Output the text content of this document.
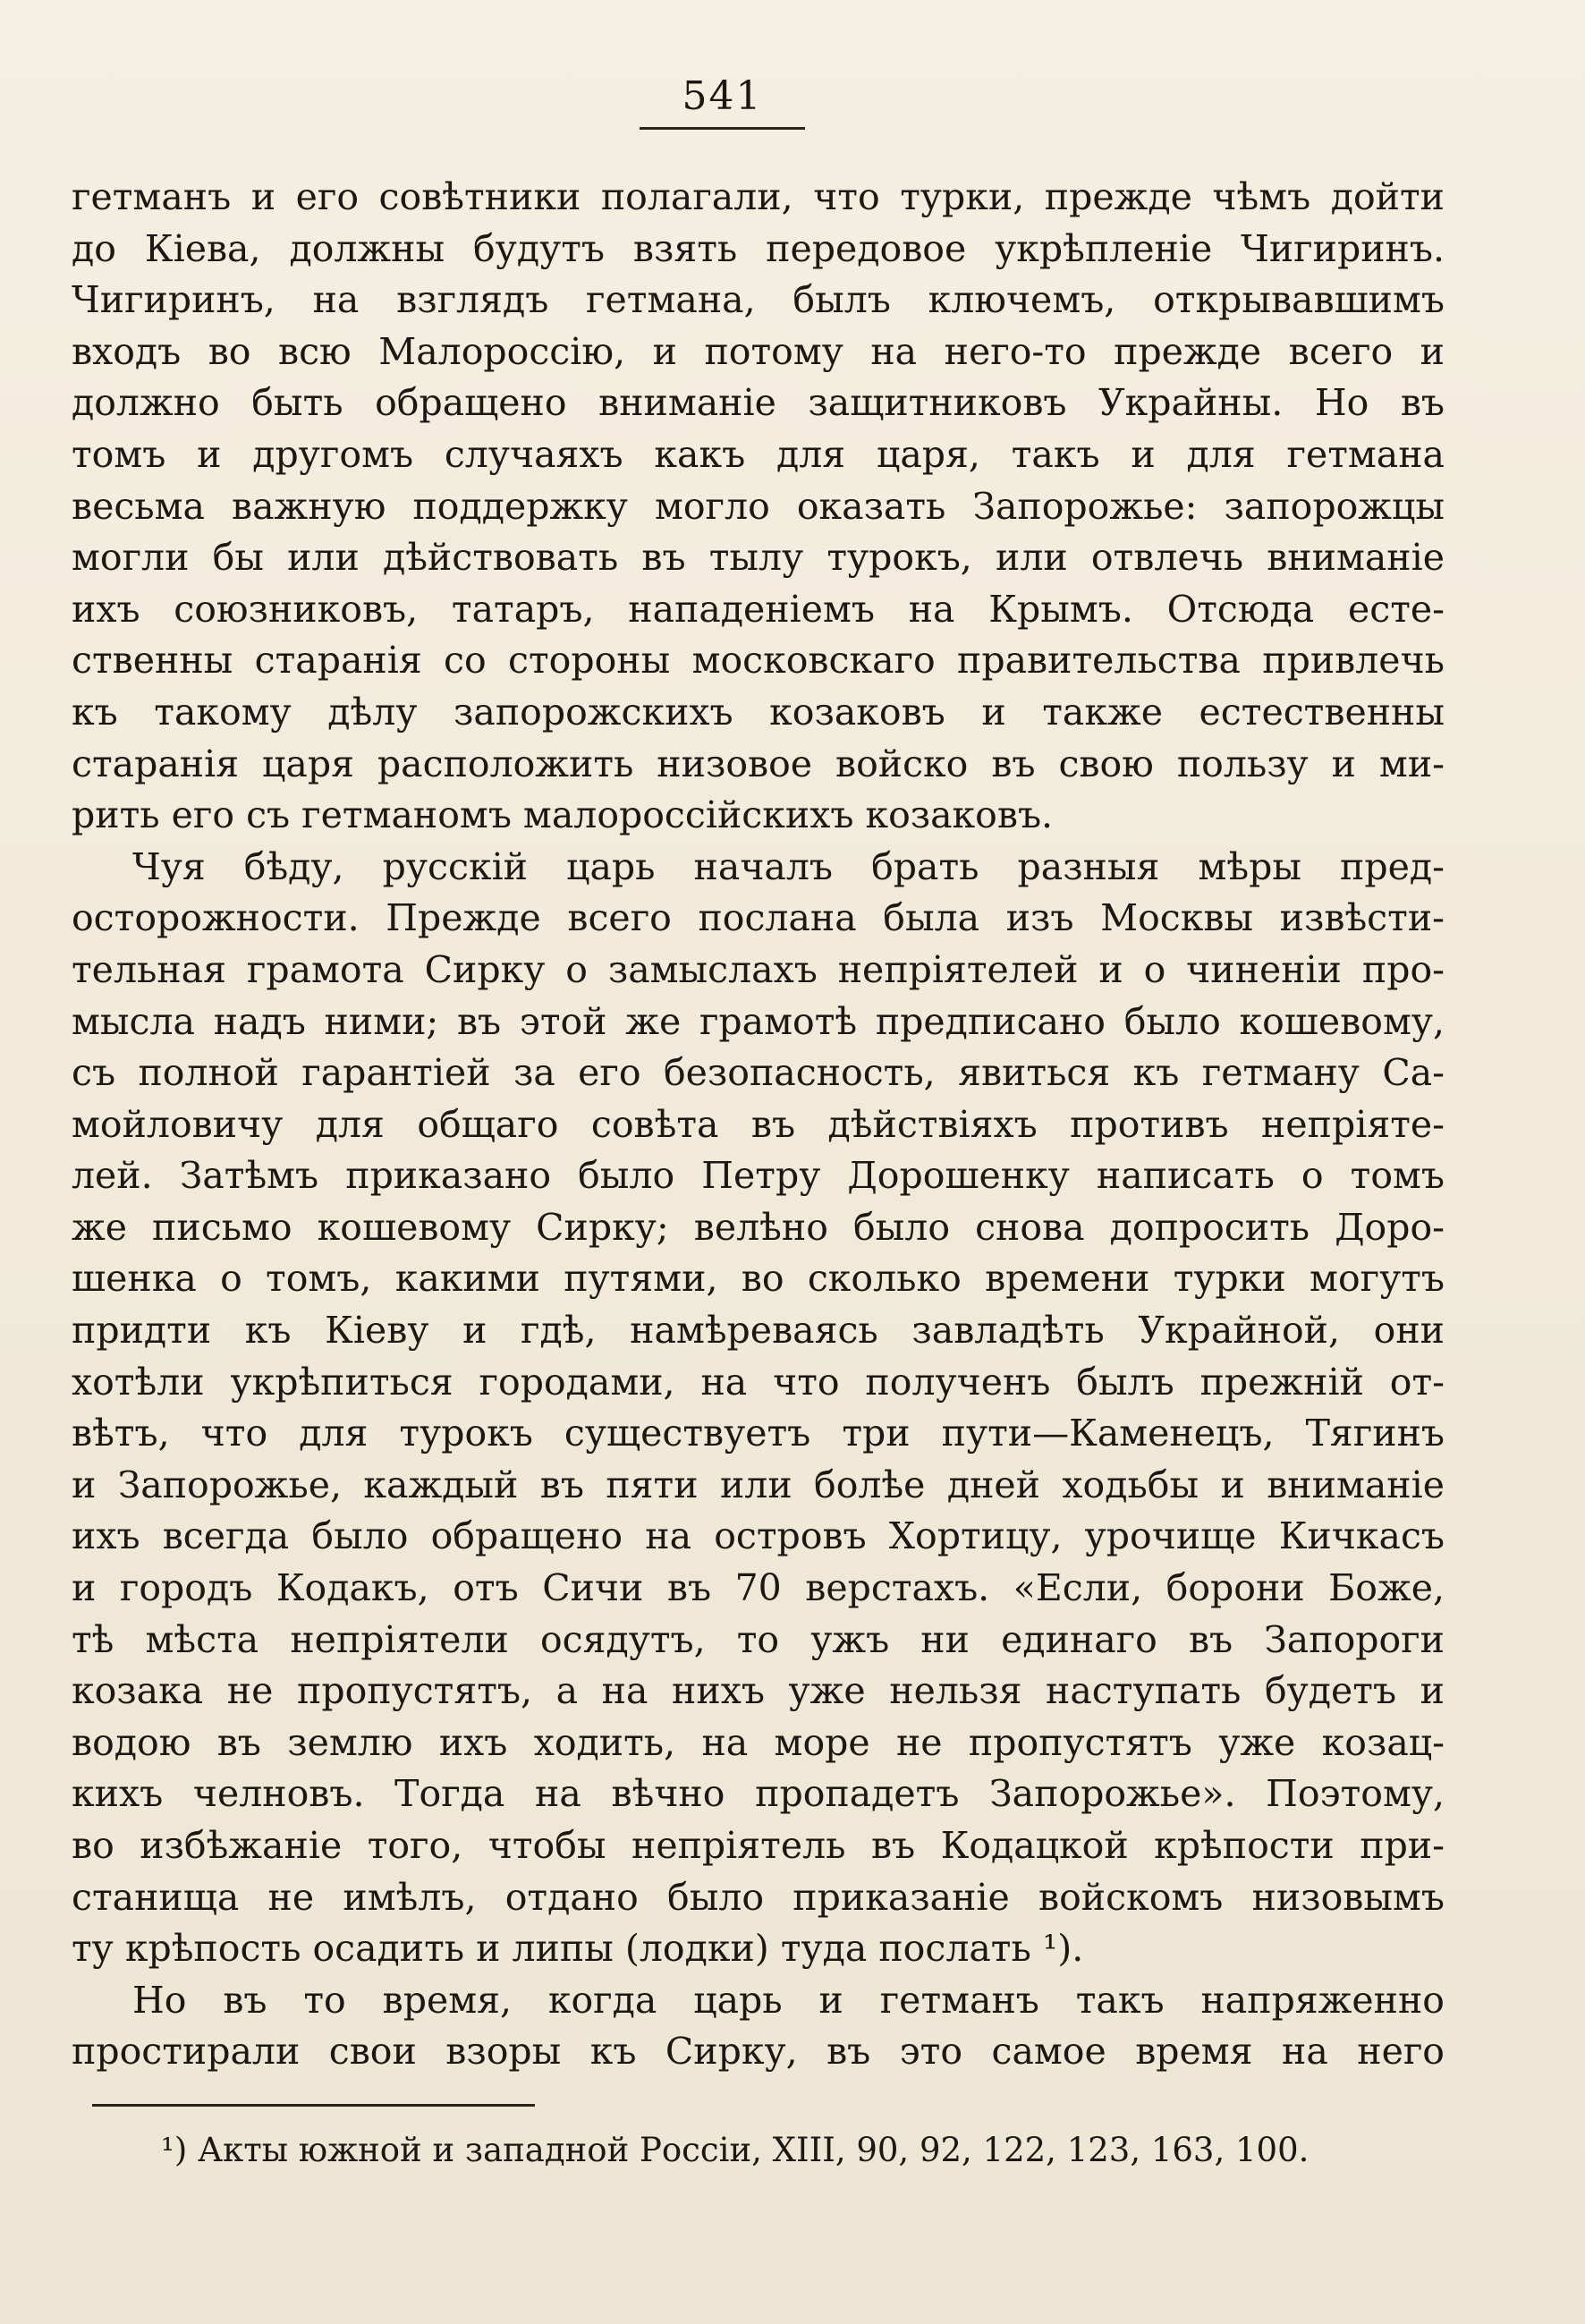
541
гетманъ и его совѣтники полагали, что турки, прежде чѣмъ дойти
до Кіева, должны будутъ взять передовое укрѣпленіе Чигиринъ.
Чигиринъ, на взглядъ гетмана, былъ ключемъ, открывавшимъ
входъ во всю Малороссію, и потому на него-то прежде всего и
должно быть обращено вниманіе защитниковъ Украйны. Но въ
томъ и другомъ случаяхъ какъ для царя, такъ и для гетмана
весьма важную поддержку могло оказать Запорожье: запорожцы
могли бы или дѣйствовать въ тылу турокъ, или отвлечь вниманіе
ихъ союзниковъ, татаръ, нападеніемъ на Крымъ. Отсюда есте-
ственны старанія со стороны московскаго правительства привлечь
къ такому дѣлу запорожскихъ козаковъ и также естественны
старанія царя расположить низовое войско въ свою пользу и ми-
рить его съ гетманомъ малороссійскихъ козаковъ.
Чуя бѣду, русскій царь началъ брать разныя мѣры пред-
осторожности. Прежде всего послана была изъ Москвы извѣсти-
тельная грамота Сирку о замыслахъ непріятелей и о чиненіи про-
мысла надъ ними; въ этой же грамотѣ предписано было кошевому,
съ полной гарантіей за его безопасность, явиться къ гетману Са-
мойловичу для общаго совѣта въ дѣйствіяхъ противъ непріяте-
лей. Затѣмъ приказано было Петру Дорошенку написать о томъ
же письмо кошевому Сирку; велѣно было снова допросить Доро-
шенка о томъ, какими путями, во сколько времени турки могутъ
придти къ Кіеву и гдѣ, намѣреваясь завладѣть Украйной, они
хотѣли укрѣпиться городами, на что полученъ былъ прежній от-
вѣтъ, что для турокъ существуетъ три пути—Каменецъ, Тягинъ
и Запорожье, каждый въ пяти или болѣе дней ходьбы и вниманіе
ихъ всегда было обращено на островъ Хортицу, урочище Кичкасъ
и городъ Кодакъ, отъ Сичи въ 70 верстахъ. «Если, борони Боже,
тѣ мѣста непріятели осядутъ, то ужъ ни единаго въ Запороги
козака не пропустятъ, а на нихъ уже нельзя наступать будетъ и
водою въ землю ихъ ходить, на море не пропустятъ уже козац-
кихъ челновъ. Тогда на вѣчно пропадетъ Запорожье». Поэтому,
во избѣжаніе того, чтобы непріятель въ Кодацкой крѣпости при-
станища не имѣлъ, отдано было приказаніе войскомъ низовымъ
ту крѣпость осадить и липы (лодки) туда послать ¹).
Но въ то время, когда царь и гетманъ такъ напряженно
простирали свои взоры къ Сирку, въ это самое время на него
¹) Акты южной и западной Россіи, XIII, 90, 92, 122, 123, 163, 100.
